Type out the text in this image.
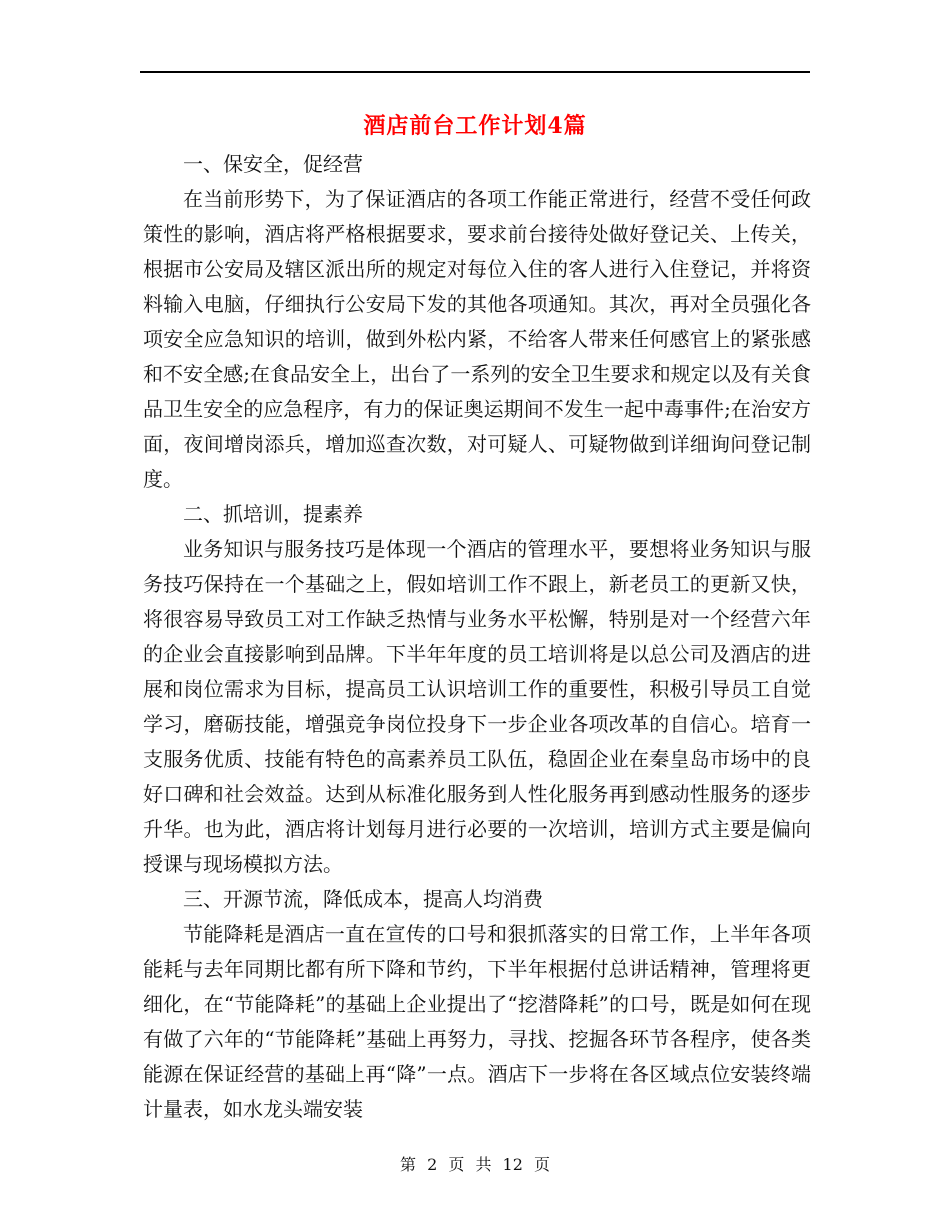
酒店前台工作计划4篇

一、保安全，促经营

在当前形势下，为了保证酒店的各项工作能正常进行，经营不受任何政策性的影响，酒店将严格根据要求，要求前台接待处做好登记关、上传关，根据市公安局及辖区派出所的规定对每位入住的客人进行入住登记，并将资料输入电脑，仔细执行公安局下发的其他各项通知。其次，再对全员强化各项安全应急知识的培训，做到外松内紧，不给客人带来任何感官上的紧张感和不安全感;在食品安全上，出台了一系列的安全卫生要求和规定以及有关食品卫生安全的应急程序，有力的保证奥运期间不发生一起中毒事件;在治安方面，夜间增岗添兵，增加巡查次数，对可疑人、可疑物做到详细询问登记制度。

二、抓培训，提素养

业务知识与服务技巧是体现一个酒店的管理水平，要想将业务知识与服务技巧保持在一个基础之上，假如培训工作不跟上，新老员工的更新又快，将很容易导致员工对工作缺乏热情与业务水平松懈，特别是对一个经营六年的企业会直接影响到品牌。下半年年度的员工培训将是以总公司及酒店的进展和岗位需求为目标，提高员工认识培训工作的重要性，积极引导员工自觉学习，磨砺技能，增强竞争岗位投身下一步企业各项改革的自信心。培育一支服务优质、技能有特色的高素养员工队伍，稳固企业在秦皇岛市场中的良好口碑和社会效益。达到从标准化服务到人性化服务再到感动性服务的逐步升华。也为此，酒店将计划每月进行必要的一次培训，培训方式主要是偏向授课与现场模拟方法。

三、开源节流，降低成本，提高人均消费

节能降耗是酒店一直在宣传的口号和狠抓落实的日常工作，上半年各项能耗与去年同期比都有所下降和节约，下半年根据付总讲话精神，管理将更细化，在“节能降耗”的基础上企业提出了“挖潜降耗”的口号，既是如何在现有做了六年的“节能降耗”基础上再努力，寻找、挖掘各环节各程序，使各类能源在保证经营的基础上再“降”一点。酒店下一步将在各区域点位安装终端计量表，如水龙头端安装

第 2 页 共 12 页
